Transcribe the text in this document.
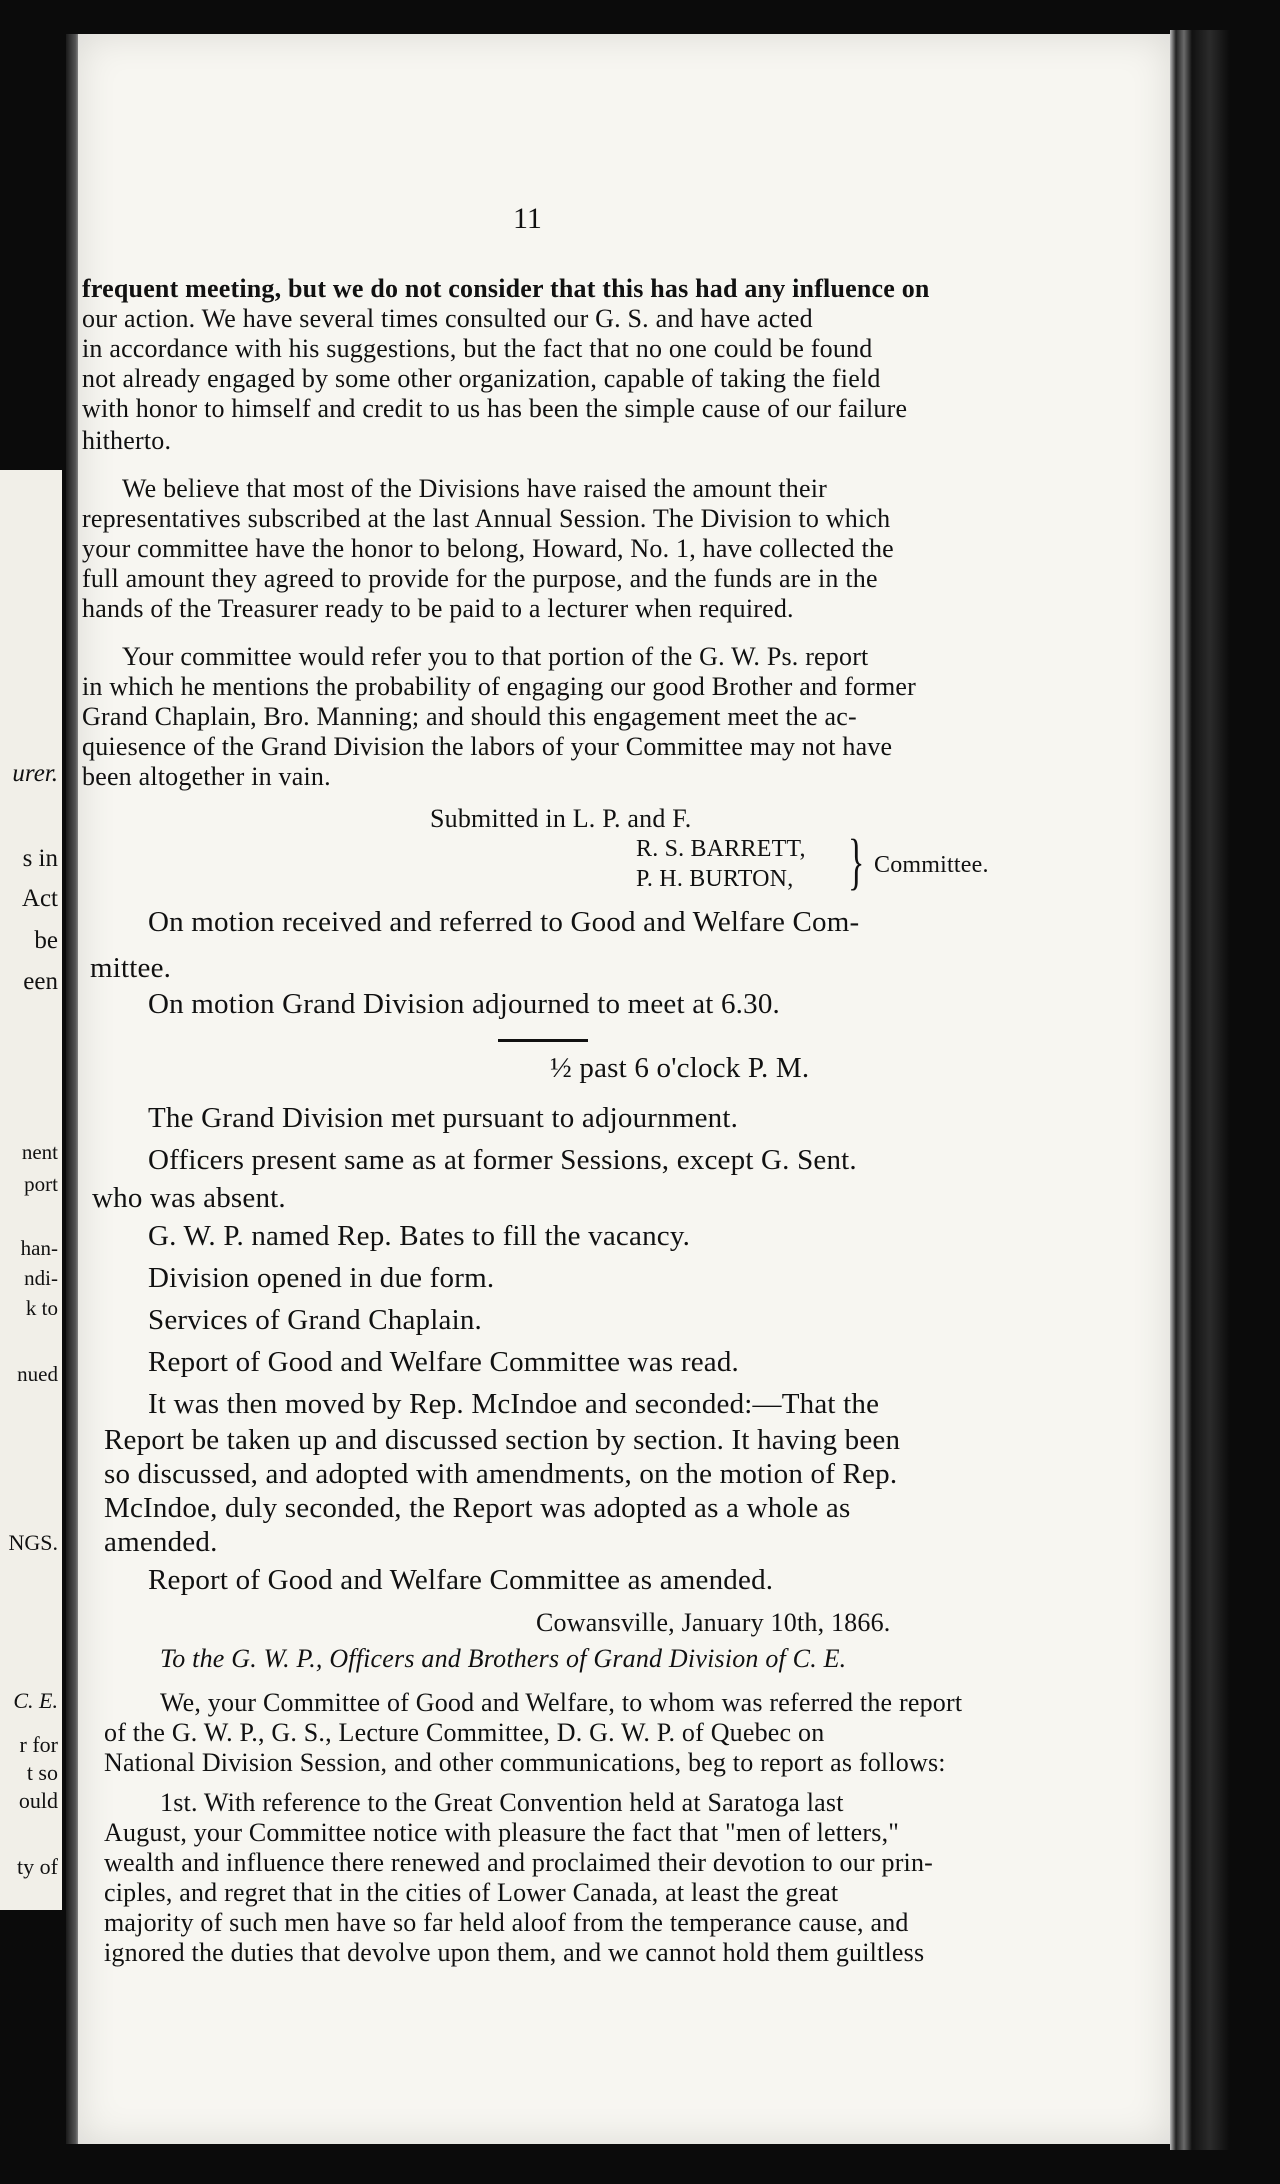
urer.
s in
Act
be
een
nent
port
han-
ndi-
k to
nued
NGS.
C. E.
r for
t so
ould
ty of
11
frequent meeting, but we do not consider that this has had any influence on
our action. We have several times consulted our G. S. and have acted
in accordance with his suggestions, but the fact that no one could be found
not already engaged by some other organization, capable of taking the field
with honor to himself and credit to us has been the simple cause of our failure
hitherto.
We believe that most of the Divisions have raised the amount their
representatives subscribed at the last Annual Session. The Division to which
your committee have the honor to belong, Howard, No. 1, have collected the
full amount they agreed to provide for the purpose, and the funds are in the
hands of the Treasurer ready to be paid to a lecturer when required.
Your committee would refer you to that portion of the G. W. Ps. report
in which he mentions the probability of engaging our good Brother and former
Grand Chaplain, Bro. Manning; and should this engagement meet the ac-
quiesence of the Grand Division the labors of your Committee may not have
been altogether in vain.
Submitted in L. P. and F.
R. S. BARRETT,
P. H. BURTON, } Committee.
On motion received and referred to Good and Welfare Com-
mittee.
On motion Grand Division adjourned to meet at 6.30.
½ past 6 o'clock P. M.
The Grand Division met pursuant to adjournment.
Officers present same as at former Sessions, except G. Sent.
who was absent.
G. W. P. named Rep. Bates to fill the vacancy.
Division opened in due form.
Services of Grand Chaplain.
Report of Good and Welfare Committee was read.
It was then moved by Rep. McIndoe and seconded:—That the
Report be taken up and discussed section by section. It having been
so discussed, and adopted with amendments, on the motion of Rep.
McIndoe, duly seconded, the Report was adopted as a whole as
amended.
Report of Good and Welfare Committee as amended.
Cowansville, January 10th, 1866.
To the G. W. P., Officers and Brothers of Grand Division of C. E.
We, your Committee of Good and Welfare, to whom was referred the report
of the G. W. P., G. S., Lecture Committee, D. G. W. P. of Quebec on
National Division Session, and other communications, beg to report as follows:
1st. With reference to the Great Convention held at Saratoga last
August, your Committee notice with pleasure the fact that "men of letters,"
wealth and influence there renewed and proclaimed their devotion to our prin-
ciples, and regret that in the cities of Lower Canada, at least the great
majority of such men have so far held aloof from the temperance cause, and
ignored the duties that devolve upon them, and we cannot hold them guiltless
